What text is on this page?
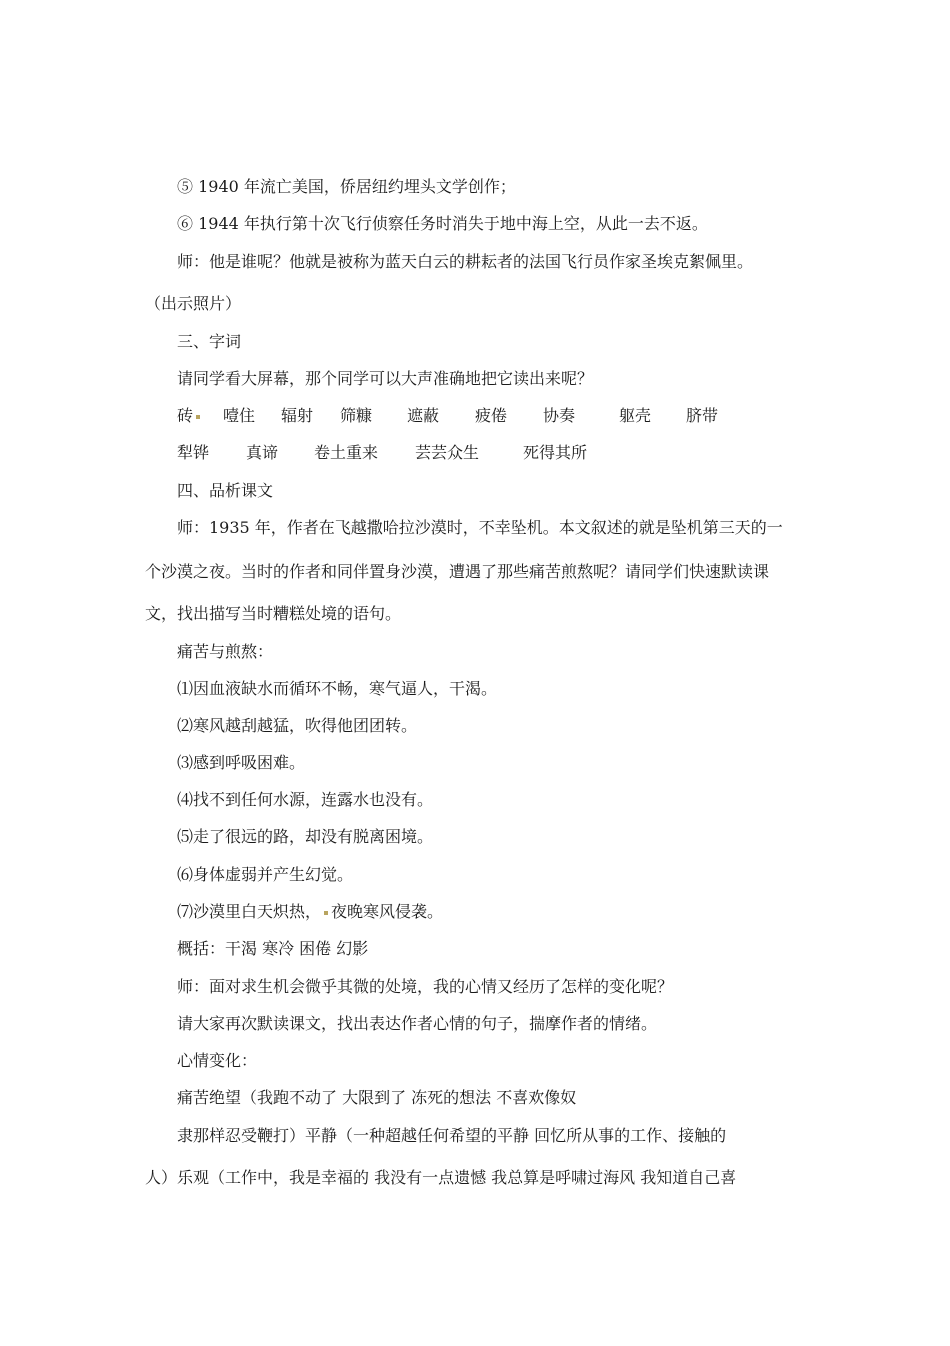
⑤ 1940 年流亡美国，侨居纽约埋头文学创作；
⑥ 1944 年执行第十次飞行侦察任务时消失于地中海上空，从此一去不返。
师：他是谁呢？他就是被称为蓝天白云的耕耘者的法国飞行员作家圣埃克絮佩里。
（出示照片）
三、字词
请同学看大屏幕，那个同学可以大声准确地把它读出来呢？
砖 噎住 辐射 筛糠 遮蔽 疲倦 协奏	躯壳 脐带
犁铧 真谛 卷土重来 芸芸众生	死得其所
四、品析课文
师：1935 年，作者在飞越撒哈拉沙漠时，不幸坠机。本文叙述的就是坠机第三天的一
个沙漠之夜。当时的作者和同伴置身沙漠，遭遇了那些痛苦煎熬呢？请同学们快速默读课
文，找出描写当时糟糕处境的语句。
痛苦与煎熬：
⑴因血液缺水而循环不畅，寒气逼人，干渴。
⑵寒风越刮越猛，吹得他团团转。
⑶感到呼吸困难。
⑷找不到任何水源，连露水也没有。
⑸走了很远的路，却没有脱离困境。
⑹身体虚弱并产生幻觉。
⑺沙漠里白天炽热， 夜晚寒风侵袭。
概括：干渴 寒冷 困倦 幻影
师：面对求生机会微乎其微的处境，我的心情又经历了怎样的变化呢？
请大家再次默读课文，找出表达作者心情的句子，揣摩作者的情绪。
心情变化：
痛苦绝望（我跑不动了 大限到了 冻死的想法 不喜欢像奴
隶那样忍受鞭打）平静（一种超越任何希望的平静 回忆所从事的工作、接触的
人）乐观（工作中，我是幸福的 我没有一点遗憾 我总算是呼啸过海风 我知道自己喜
